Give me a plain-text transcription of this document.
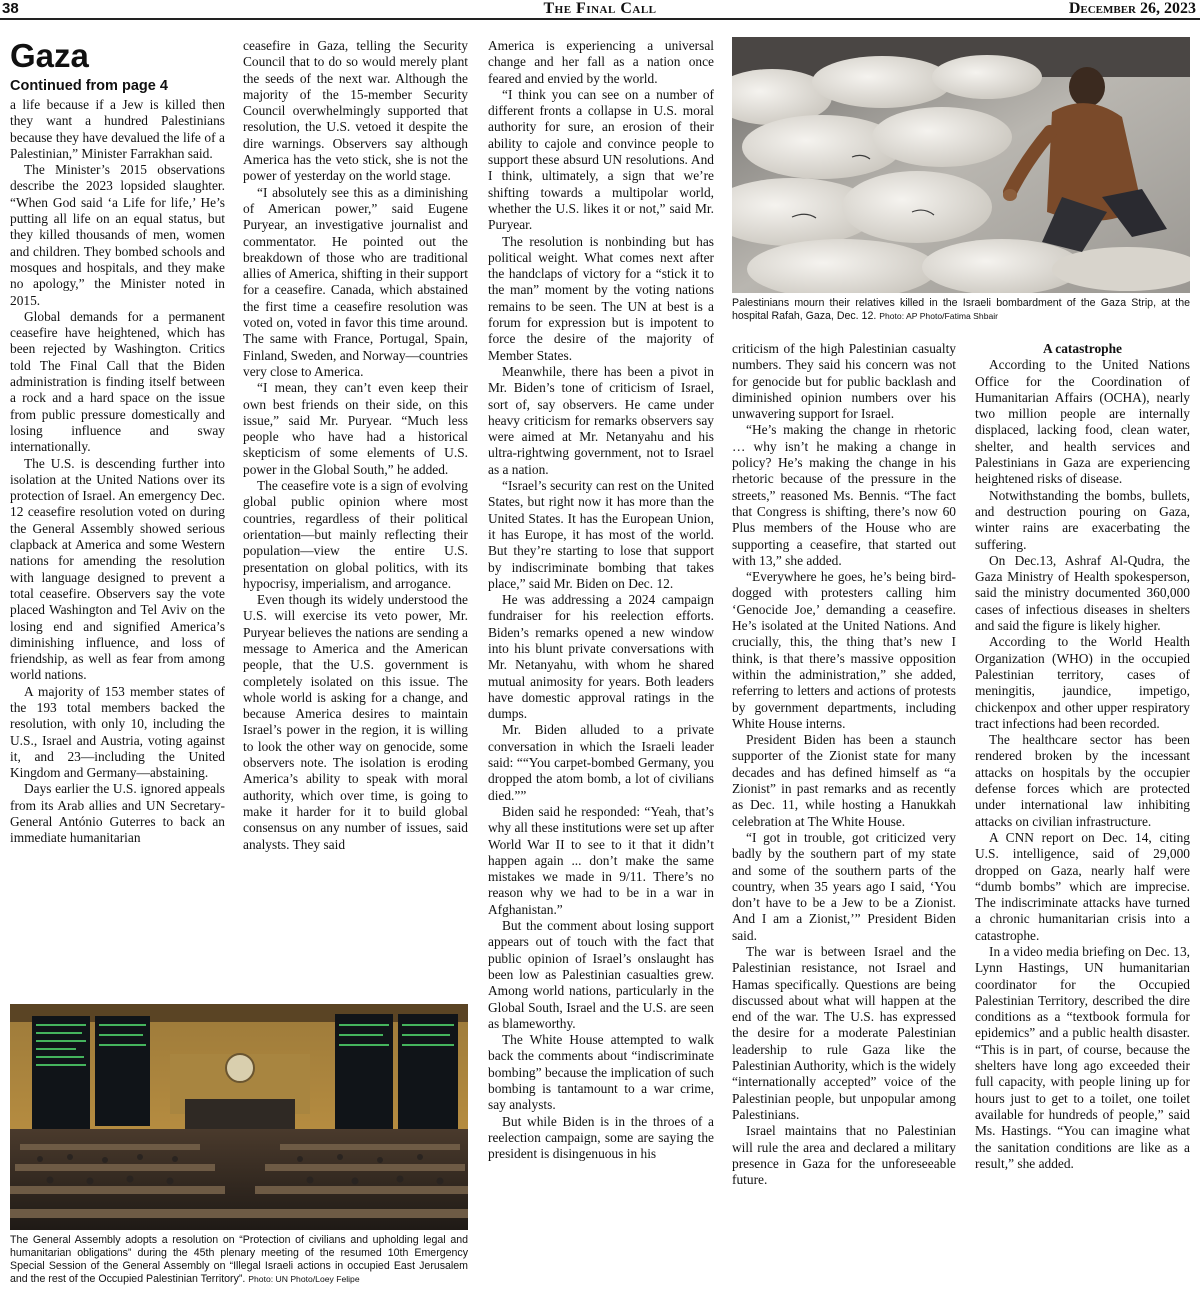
38	The Final Call	December 26, 2023
Gaza
Continued from page 4

a life because if a Jew is killed then they want a hundred Palestinians because they have devalued the life of a Palestinian,” Minister Farrakhan said.

The Minister’s 2015 observations describe the 2023 lopsided slaughter. “When God said ‘a Life for life,’ He’s putting all life on an equal status, but they killed thousands of men, women and children. They bombed schools and mosques and hospitals, and they make no apology,” the Minister noted in 2015.

Global demands for a permanent ceasefire have heightened, which has been rejected by Washington. Critics told The Final Call that the Biden administration is finding itself between a rock and a hard space on the issue from public pressure domestically and losing influence and sway internationally.

The U.S. is descending further into isolation at the United Nations over its protection of Israel. An emergency Dec. 12 ceasefire resolution voted on during the General Assembly showed serious clapback at America and some Western nations for amending the resolution with language designed to prevent a total ceasefire. Observers say the vote placed Washington and Tel Aviv on the losing end and signified America’s diminishing influence, and loss of friendship, as well as fear from among world nations.

A majority of 153 member states of the 193 total members backed the resolution, with only 10, including the U.S., Israel and Austria, voting against it, and 23—including the United Kingdom and Germany—abstaining.

Days earlier the U.S. ignored appeals from its Arab allies and UN Secretary-General António Guterres to back an immediate humanitarian

ceasefire in Gaza, telling the Security Council that to do so would merely plant the seeds of the next war. Although the majority of the 15-member Security Council overwhelmingly supported that resolution, the U.S. vetoed it despite the dire warnings. Observers say although America has the veto stick, she is not the power of yesterday on the world stage.

“I absolutely see this as a diminishing of American power,” said Eugene Puryear, an investigative journalist and commentator. He pointed out the breakdown of those who are traditional allies of America, shifting in their support for a ceasefire. Canada, which abstained the first time a ceasefire resolution was voted on, voted in favor this time around. The same with France, Portugal, Spain, Finland, Sweden, and Norway—countries very close to America.

“I mean, they can’t even keep their own best friends on their side, on this issue,” said Mr. Puryear. “Much less people who have had a historical skepticism of some elements of U.S. power in the Global South,” he added.

The ceasefire vote is a sign of evolving global public opinion where most countries, regardless of their political orientation—but mainly reflecting their population—view the entire U.S. presentation on global politics, with its hypocrisy, imperialism, and arrogance.

Even though its widely understood the U.S. will exercise its veto power, Mr. Puryear believes the nations are sending a message to America and the American people, that the U.S. government is completely isolated on this issue. The whole world is asking for a change, and because America desires to maintain Israel’s power in the region, it is willing to look the other way on genocide, some observers note. The isolation is eroding America’s ability to speak with moral authority, which over time, is going to make it harder for it to build global consensus on any number of issues, said analysts. They said

America is experiencing a universal change and her fall as a nation once feared and envied by the world.

“I think you can see on a number of different fronts a collapse in U.S. moral authority for sure, an erosion of their ability to cajole and convince people to support these absurd UN resolutions. And I think, ultimately, a sign that we’re shifting towards a multipolar world, whether the U.S. likes it or not,” said Mr. Puryear.

The resolution is nonbinding but has political weight. What comes next after the handclaps of victory for a “stick it to the man” moment by the voting nations remains to be seen. The UN at best is a forum for expression but is impotent to force the desire of the majority of Member States.

Meanwhile, there has been a pivot in Mr. Biden’s tone of criticism of Israel, sort of, say observers. He came under heavy criticism for remarks observers say were aimed at Mr. Netanyahu and his ultra-rightwing government, not to Israel as a nation.

“Israel’s security can rest on the United States, but right now it has more than the United States. It has the European Union, it has Europe, it has most of the world. But they’re starting to lose that support by indiscriminate bombing that takes place,” said Mr. Biden on Dec. 12.

He was addressing a 2024 campaign fundraiser for his reelection efforts. Biden’s remarks opened a new window into his blunt private conversations with Mr. Netanyahu, with whom he shared mutual animosity for years. Both leaders have domestic approval ratings in the dumps.

Mr. Biden alluded to a private conversation in which the Israeli leader said: ““You carpet-bombed Germany, you dropped the atom bomb, a lot of civilians died.””

Biden said he responded: “Yeah, that’s why all these institutions were set up after World War II to see to it that it didn’t happen again ... don’t make the same mistakes we made in 9/11. There’s no reason why we had to be in a war in Afghanistan.”

But the comment about losing support appears out of touch with the fact that public opinion of Israel’s onslaught has been low as Palestinian casualties grew. Among world nations, particularly in the Global South, Israel and the U.S. are seen as blameworthy.

The White House attempted to walk back the comments about “indiscriminate bombing” because the implication of such bombing is tantamount to a war crime, say analysts.

But while Biden is in the throes of a reelection campaign, some are saying the president is disingenuous in his

criticism of the high Palestinian casualty numbers. They said his concern was not for genocide but for public backlash and diminished opinion numbers over his unwavering support for Israel.

“He’s making the change in rhetoric … why isn’t he making a change in policy? He’s making the change in his rhetoric because of the pressure in the streets,” reasoned Ms. Bennis. “The fact that Congress is shifting, there’s now 60 Plus members of the House who are supporting a ceasefire, that started out with 13,” she added.

“Everywhere he goes, he’s being bird-dogged with protesters calling him ‘Genocide Joe,’ demanding a ceasefire. He’s isolated at the United Nations. And crucially, this, the thing that’s new I think, is that there’s massive opposition within the administration,” she added, referring to letters and actions of protests by government departments, including White House interns.

President Biden has been a staunch supporter of the Zionist state for many decades and has defined himself as “a Zionist” in past remarks and as recently as Dec. 11, while hosting a Hanukkah celebration at The White House.

“I got in trouble, got criticized very badly by the southern part of my state and some of the southern parts of the country, when 35 years ago I said, ‘You don’t have to be a Jew to be a Zionist. And I am a Zionist,’” President Biden said.

The war is between Israel and the Palestinian resistance, not Israel and Hamas specifically. Questions are being discussed about what will happen at the end of the war. The U.S. has expressed the desire for a moderate Palestinian leadership to rule Gaza like the Palestinian Authority, which is the widely “internationally accepted” voice of the Palestinian people, but unpopular among Palestinians.

Israel maintains that no Palestinian will rule the area and declared a military presence in Gaza for the unforeseeable future.

A catastrophe

According to the United Nations Office for the Coordination of Humanitarian Affairs (OCHA), nearly two million people are internally displaced, lacking food, clean water, shelter, and health services and Palestinians in Gaza are experiencing heightened risks of disease.

Notwithstanding the bombs, bullets, and destruction pouring on Gaza, winter rains are exacerbating the suffering.

On Dec.13, Ashraf Al-Qudra, the Gaza Ministry of Health spokesperson, said the ministry documented 360,000 cases of infectious diseases in shelters and said the figure is likely higher.

According to the World Health Organization (WHO) in the occupied Palestinian territory, cases of meningitis, jaundice, impetigo, chickenpox and other upper respiratory tract infections had been recorded.

The healthcare sector has been rendered broken by the incessant attacks on hospitals by the occupier defense forces which are protected under international law inhibiting attacks on civilian infrastructure.

A CNN report on Dec. 14, citing U.S. intelligence, said of 29,000 dropped on Gaza, nearly half were “dumb bombs” which are imprecise. The indiscriminate attacks have turned a chronic humanitarian crisis into a catastrophe.

In a video media briefing on Dec. 13, Lynn Hastings, UN humanitarian coordinator for the Occupied Palestinian Territory, described the dire conditions as a “textbook formula for epidemics” and a public health disaster. “This is in part, of course, because the shelters have long ago exceeded their full capacity, with people lining up for hours just to get to a toilet, one toilet available for hundreds of people,” said Ms. Hastings. “You can imagine what the sanitation conditions are like as a result,” she added.

Palestinians mourn their relatives killed in the Israeli bombardment of the Gaza Strip, at the hospital Rafah, Gaza, Dec. 12. Photo: AP Photo/Fatima Shbair
The General Assembly adopts a resolution on “Protection of civilians and upholding legal and humanitarian obligations” during the 45th plenary meeting of the resumed 10th Emergency Special Session of the General Assembly on “Illegal Israeli actions in occupied East Jerusalem and the rest of the Occupied Palestinian Territory”. Photo: UN Photo/Loey Felipe
